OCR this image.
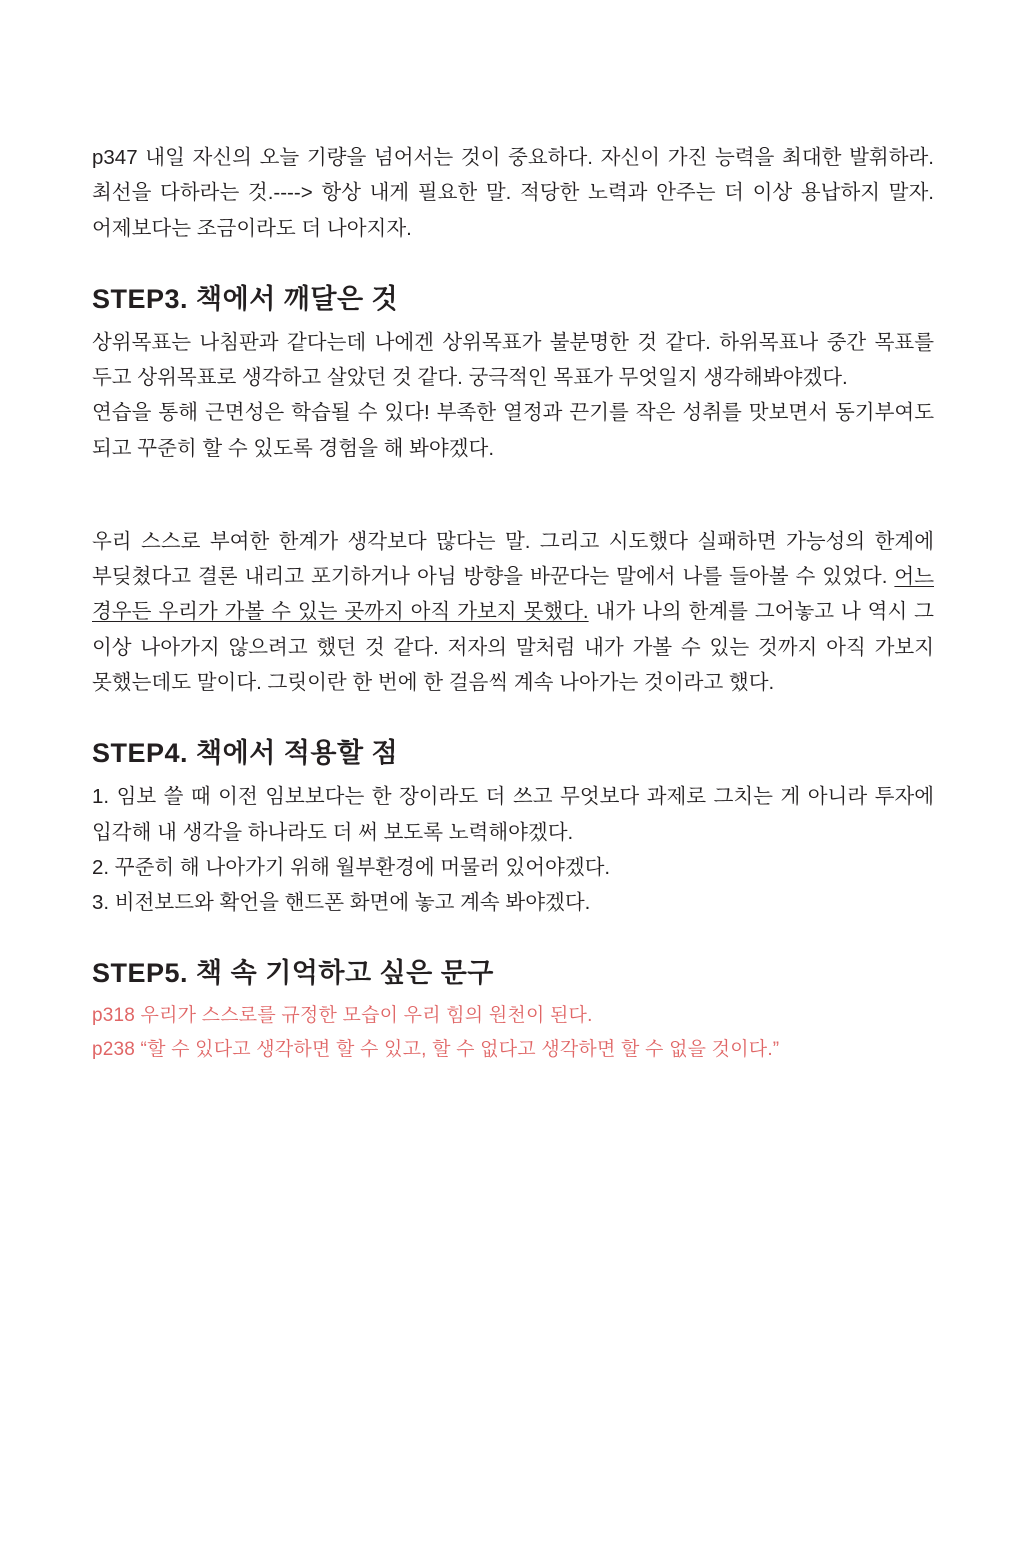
p347 내일 자신의 오늘 기량을 넘어서는 것이 중요하다. 자신이 가진 능력을 최대한 발휘하라. 최선을 다하라는 것.----> 항상 내게 필요한 말. 적당한 노력과 안주는 더 이상 용납하지 말자. 어제보다는 조금이라도 더 나아지자.

STEP3. 책에서 깨달은 것

상위목표는 나침판과 같다는데 나에겐 상위목표가 불분명한 것 같다. 하위목표나 중간 목표를 두고 상위목표로 생각하고 살았던 것 같다. 궁극적인 목표가 무엇일지 생각해봐야겠다.

연습을 통해 근면성은 학습될 수 있다! 부족한 열정과 끈기를 작은 성취를 맛보면서 동기부여도 되고 꾸준히 할 수 있도록 경험을 해 봐야겠다.

우리 스스로 부여한 한계가 생각보다 많다는 말. 그리고 시도했다 실패하면 가능성의 한계에 부딪쳤다고 결론 내리고 포기하거나 아님 방향을 바꾼다는 말에서 나를 들아볼 수 있었다. 어느 경우든 우리가 가볼 수 있는 곳까지 아직 가보지 못했다. 내가 나의 한계를 그어놓고 나 역시 그 이상 나아가지 않으려고 했던 것 같다. 저자의 말처럼 내가 가볼 수 있는 것까지 아직 가보지 못했는데도 말이다. 그릿이란 한 번에 한 걸음씩 계속 나아가는 것이라고 했다.

STEP4. 책에서 적용할 점

1. 임보 쓸 때 이전 임보보다는 한 장이라도 더 쓰고 무엇보다 과제로 그치는 게 아니라 투자에 입각해 내 생각을 하나라도 더 써 보도록 노력해야겠다.

2. 꾸준히 해 나아가기 위해 월부환경에 머물러 있어야겠다.

3. 비전보드와 확언을 핸드폰 화면에 놓고 계속 봐야겠다.

STEP5. 책 속 기억하고 싶은 문구

p318 우리가 스스로를 규정한 모습이 우리 힘의 원천이 된다.

p238 “할 수 있다고 생각하면 할 수 있고, 할 수 없다고 생각하면 할 수 없을 것이다.”
